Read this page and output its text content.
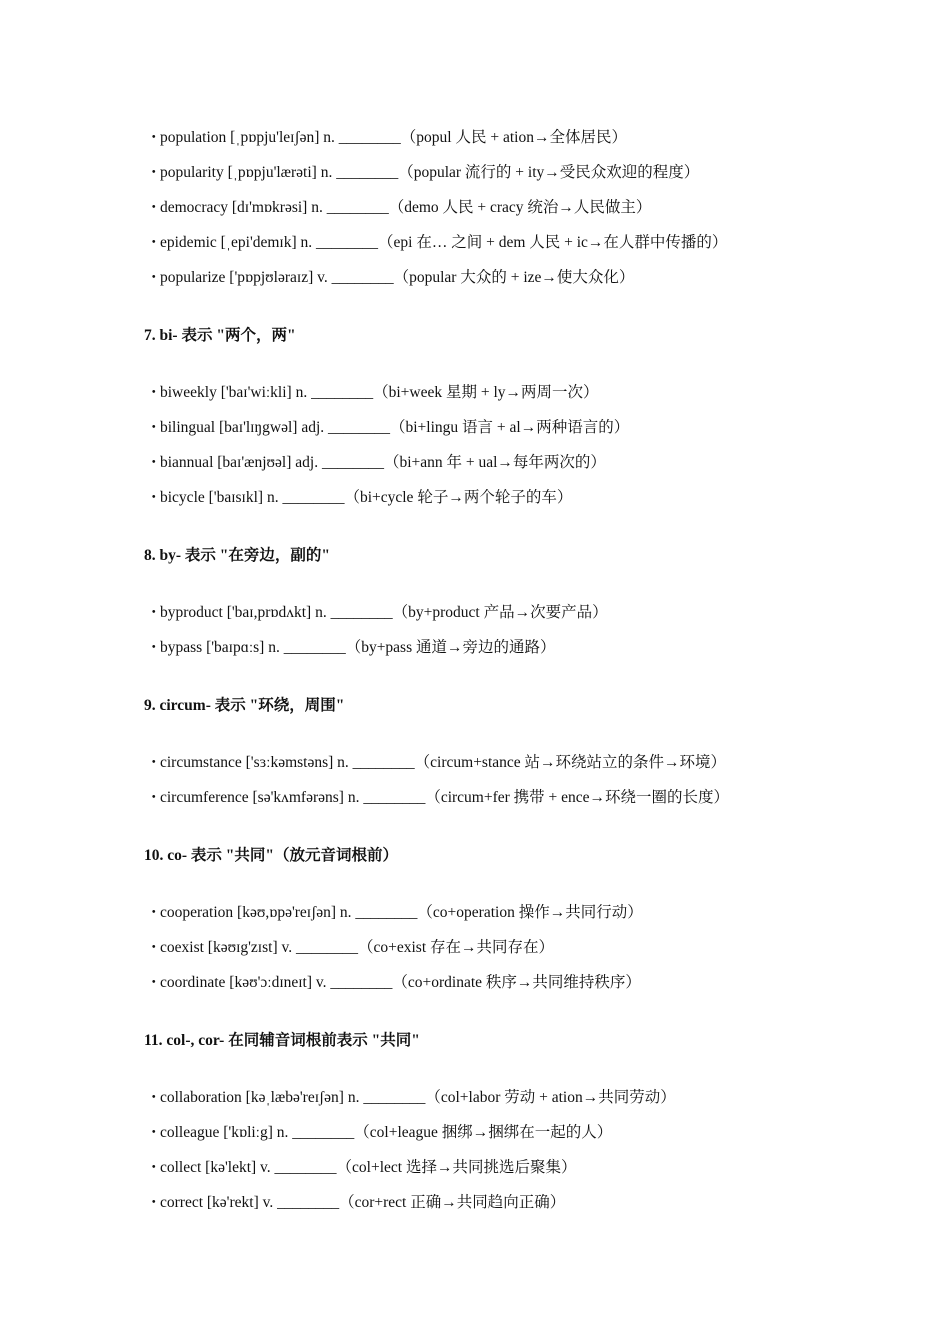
・population [ˌpɒpju'leɪʃən] n. ________（popul 人民 + ation→全体居民）
・popularity [ˌpɒpju'lærəti] n. ________（popular 流行的 + ity→受民众欢迎的程度）
・democracy [dɪ'mɒkrəsi] n. ________（demo 人民 + cracy 统治→人民做主）
・epidemic [ˌepi'demɪk] n. ________（epi 在… 之间 + dem 人民 + ic→在人群中传播的）
・popularize ['pɒpjʊləraɪz] v. ________（popular 大众的 + ize→使大众化）
7. bi- 表示 "两个，两"
・biweekly ['baɪ'wiːkli] n. ________（bi+week 星期 + ly→两周一次）
・bilingual [baɪ'lɪŋgwəl] adj. ________（bi+lingu 语言 + al→两种语言的）
・biannual [baɪ'ænjʊəl] adj. ________（bi+ann 年 + ual→每年两次的）
・bicycle ['baɪsɪkl] n. ________（bi+cycle 轮子→两个轮子的车）
8. by- 表示 "在旁边，副的"
・byproduct ['baɪ,prɒdʌkt] n. ________（by+product 产品→次要产品）
・bypass ['baɪpɑːs] n. ________（by+pass 通道→旁边的通路）
9. circum- 表示 "环绕，周围"
・circumstance ['sɜːkəmstəns] n. ________（circum+stance 站→环绕站立的条件→环境）
・circumference [sə'kʌmfərəns] n. ________（circum+fer 携带 + ence→环绕一圈的长度）
10. co- 表示 "共同"（放元音词根前）
・cooperation [kəʊ,ɒpə'reɪʃən] n. ________（co+operation 操作→共同行动）
・coexist [kəʊɪg'zɪst] v. ________（co+exist 存在→共同存在）
・coordinate [kəʊ'ɔːdɪneɪt] v. ________（co+ordinate 秩序→共同维持秩序）
11. col-, cor- 在同辅音词根前表示 "共同"
・collaboration [kəˌlæbə'reɪʃən] n. ________（col+labor 劳动 + ation→共同劳动）
・colleague ['kɒliːg] n. ________（col+league 捆绑→捆绑在一起的人）
・collect [kə'lekt] v. ________（col+lect 选择→共同挑选后聚集）
・correct [kə'rekt] v. ________（cor+rect 正确→共同趋向正确）
